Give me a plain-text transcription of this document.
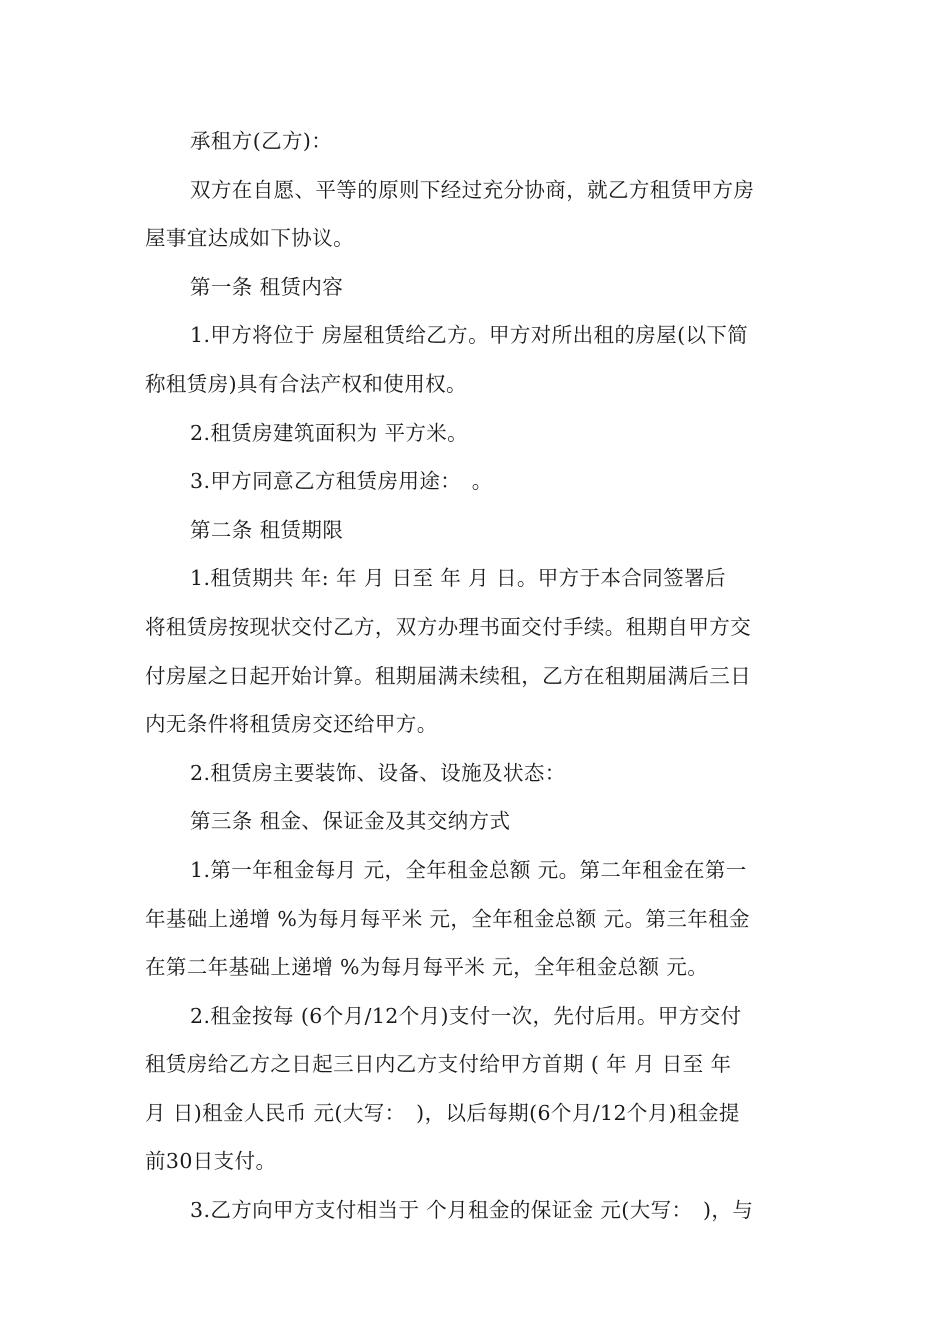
承租方(乙方)：

双方在自愿、平等的原则下经过充分协商，就乙方租赁甲方房
屋事宜达成如下协议。

第一条 租赁内容

1.甲方将位于 房屋租赁给乙方。甲方对所出租的房屋(以下简
称租赁房)具有合法产权和使用权。

2.租赁房建筑面积为 平方米。

3.甲方同意乙方租赁房用途：　。

第二条 租赁期限

1.租赁期共 年: 年 月 日至 年 月 日。甲方于本合同签署后
将租赁房按现状交付乙方，双方办理书面交付手续。租期自甲方交
付房屋之日起开始计算。租期届满未续租，乙方在租期届满后三日
内无条件将租赁房交还给甲方。

2.租赁房主要装饰、设备、设施及状态：

第三条 租金、保证金及其交纳方式

1.第一年租金每月 元，全年租金总额 元。第二年租金在第一
年基础上递增 %为每月每平米 元，全年租金总额 元。第三年租金
在第二年基础上递增 %为每月每平米 元，全年租金总额 元。

2.租金按每 (6个月/12个月)支付一次，先付后用。甲方交付
租赁房给乙方之日起三日内乙方支付给甲方首期 ( 年 月 日至 年
月 日)租金人民币 元(大写：　)，以后每期(6个月/12个月)租金提
前30日支付。

3.乙方向甲方支付相当于 个月租金的保证金 元(大写：　)，与
